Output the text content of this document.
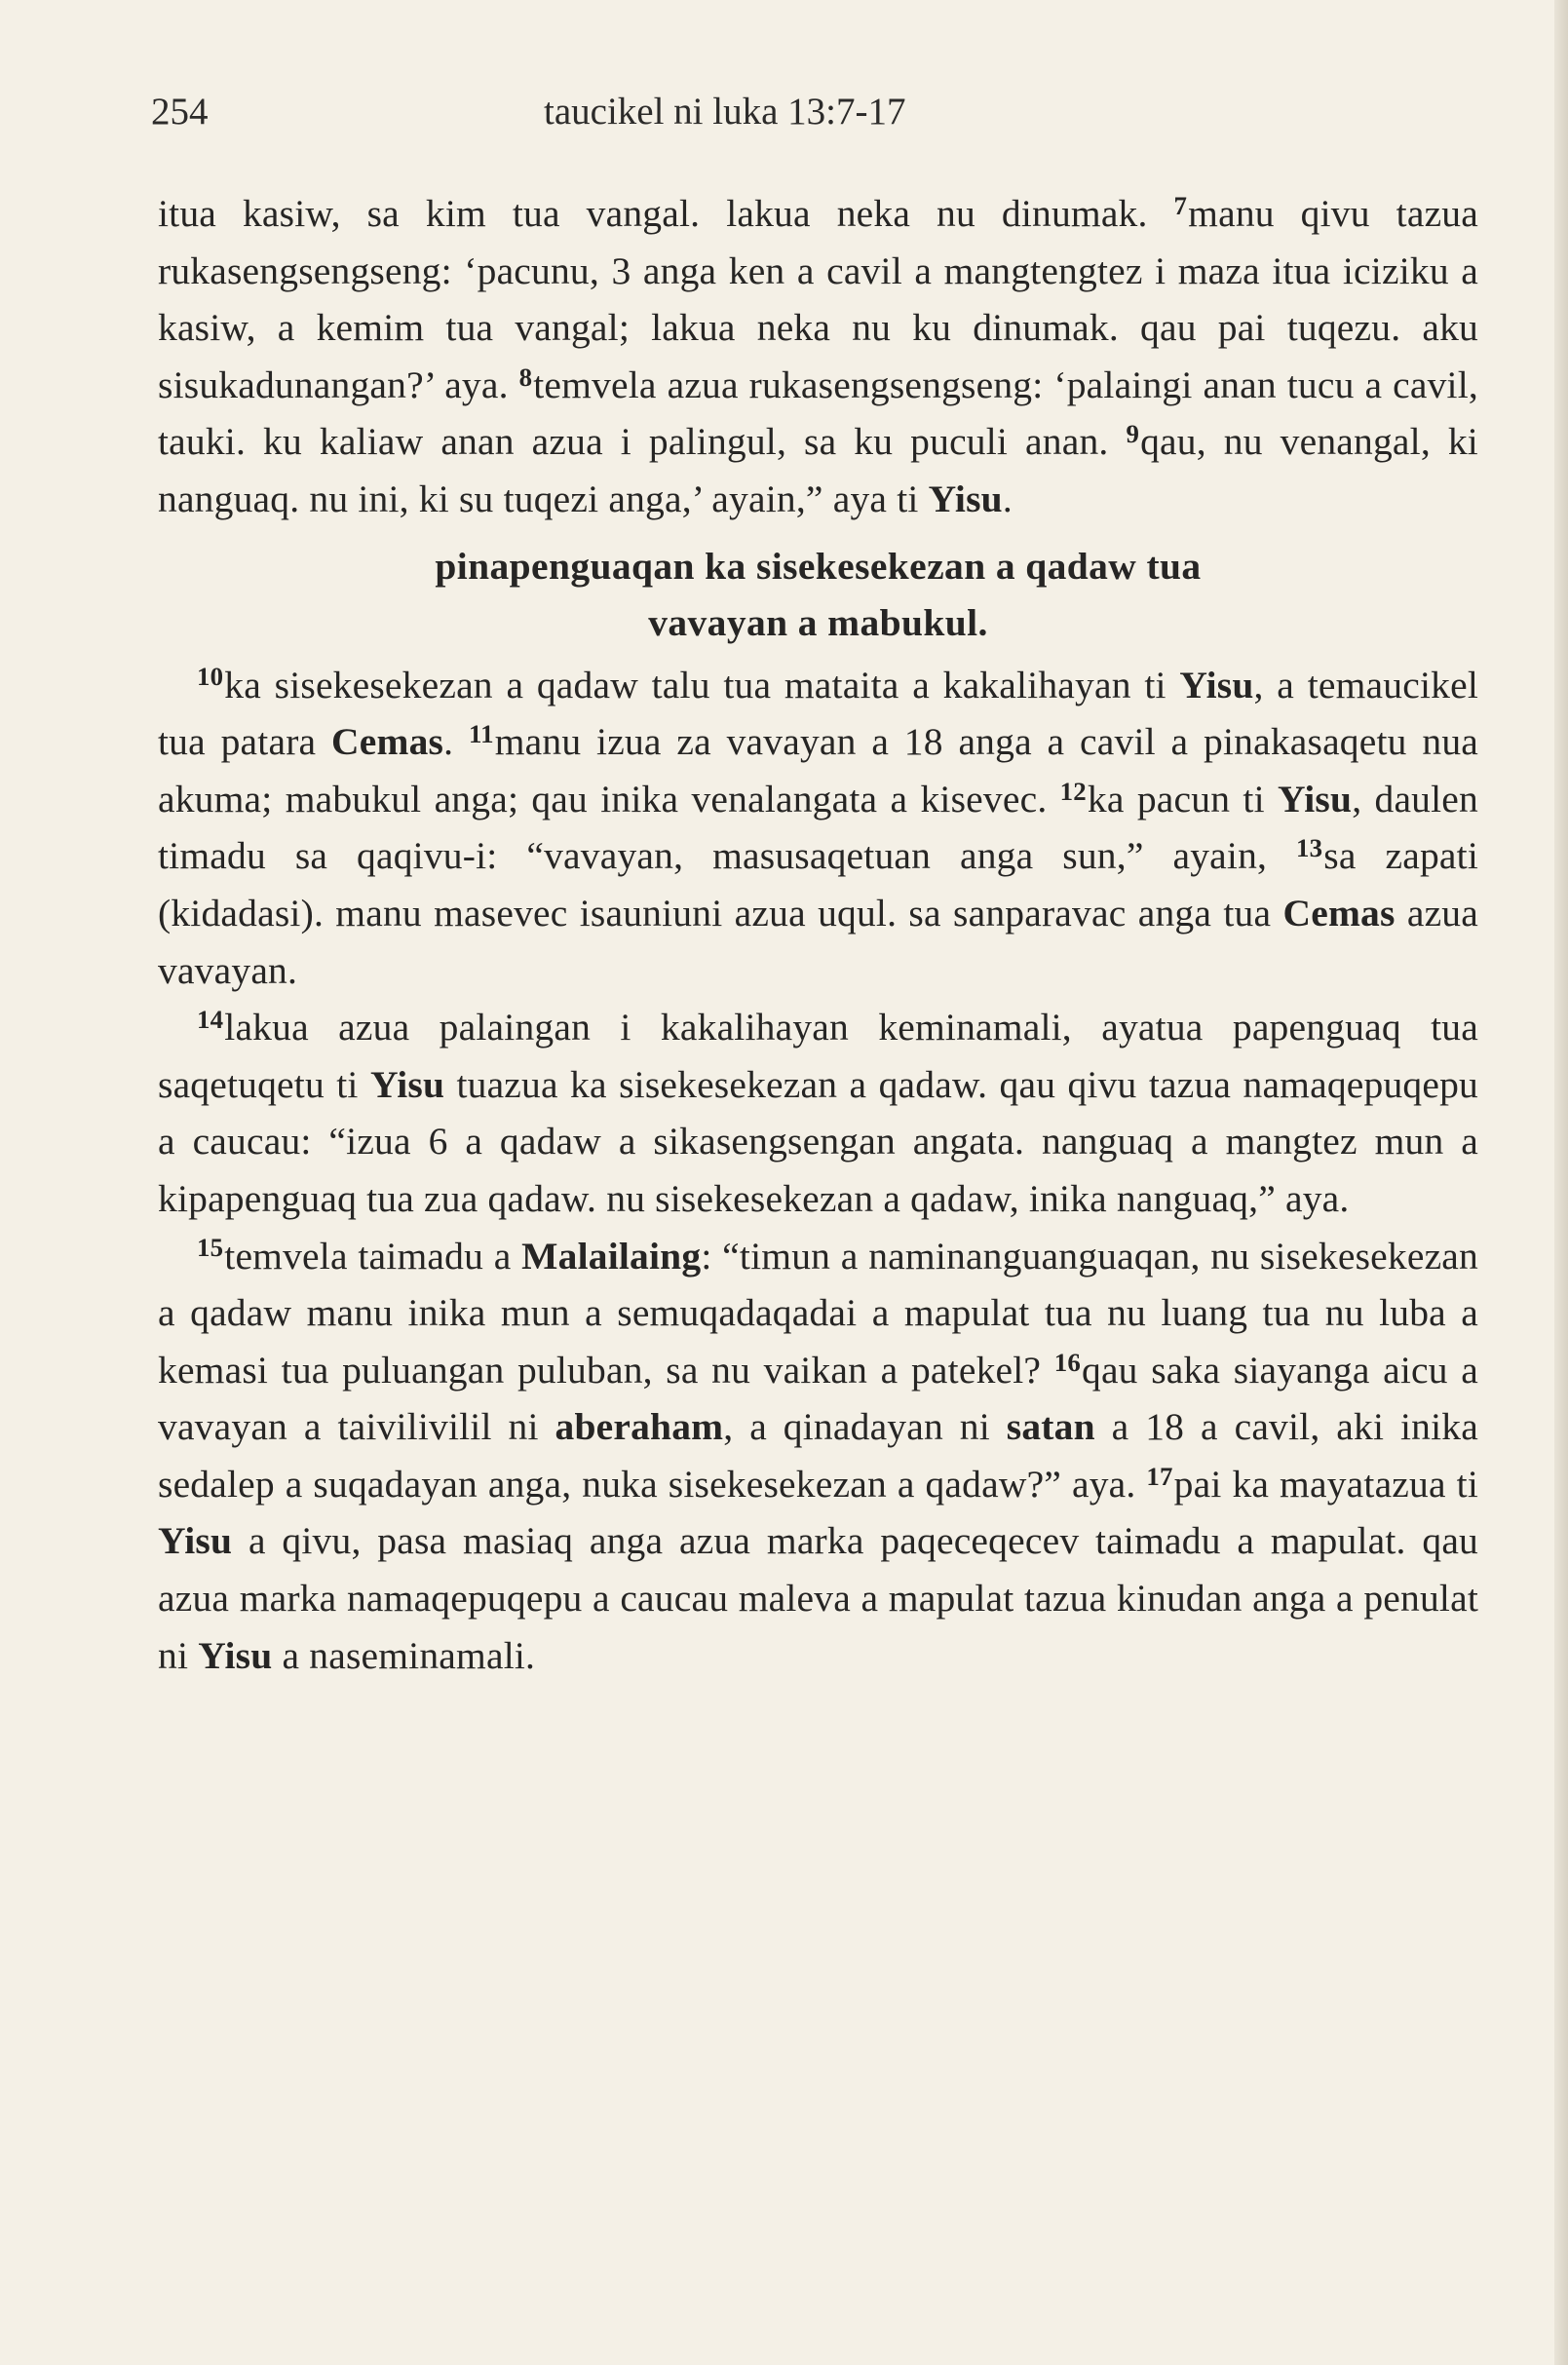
254	taucikel ni luka 13:7-17

itua kasiw, sa kim tua vangal. lakua neka nu dinumak. $^7$manu qivu tazua rukasengsengseng: ‘pacunu, 3 anga ken a cavil a mangtengtez i maza itua iciziku a kasiw, a kemim tua vangal; lakua neka nu ku dinumak. qau pai tuqezu. aku sisukadunangan?’ aya. $^8$temvela azua rukasengsengseng: ‘palaingi anan tucu a cavil, tauki. ku kaliaw anan azua i palingul, sa ku puculi anan. $^9$qau, nu venangal, ki nanguaq. nu ini, ki su tuqezi anga,’ ayain,” aya ti Yisu.

pinapenguaqan ka sisekesekezan a qadaw tua
vavayan a mabukul.

$^{10}$ka sisekesekezan a qadaw talu tua mataita a kakalihayan ti Yisu, a temaucikel tua patara Cemas. $^{11}$manu izua za vavayan a 18 anga a cavil a pinakasaqetu nua akuma; mabukul anga; qau inika venalangata a kisevec. $^{12}$ka pacun ti Yisu, daulen timadu sa qaqivu-i: “vavayan, masusaqetuan anga sun,” ayain, $^{13}$sa zapati (kidadasi). manu masevec isauniuni azua uqul. sa sanparavac anga tua Cemas azua vavayan.

$^{14}$lakua azua palaingan i kakalihayan keminamali, ayatua papenguaq tua saqetuqetu ti Yisu tuazua ka sisekesekezan a qadaw. qau qivu tazua namaqepuqepu a caucau: “izua 6 a qadaw a sikasengsengan angata. nanguaq a mangtez mun a kipapenguaq tua zua qadaw. nu sisekesekezan a qadaw, inika nanguaq,” aya.

$^{15}$temvela taimadu a Malailaing: “timun a naminanguanguaqan, nu sisekesekezan a qadaw manu inika mun a semuqadaqadai a mapulat tua nu luang tua nu luba a kemasi tua puluangan puluban, sa nu vaikan a patekel? $^{16}$qau saka siayanga aicu a vavayan a taivilivilil ni aberaham, a qinadayan ni satan a 18 a cavil, aki inika sedalep a suqadayan anga, nuka sisekesekezan a qadaw?” aya. $^{17}$pai ka mayatazua ti Yisu a qivu, pasa masiaq anga azua marka paqeceqecev taimadu a mapulat. qau azua marka namaqepuqepu a caucau maleva a mapulat tazua kinudan anga a penulat ni Yisu a naseminamali.
